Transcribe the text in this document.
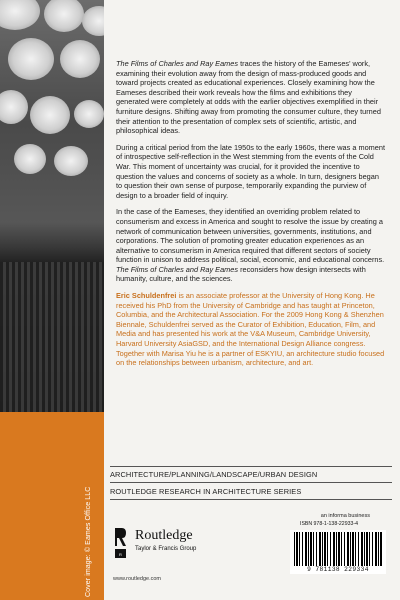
Cover image: © Eames Office LLC

The Films of Charles and Ray Eames traces the history of the Eameses' work, examining their evolution away from the design of mass-produced goods and toward projects created as educational experiences. Closely examining how the Eameses described their work reveals how the films and exhibitions they generated were completely at odds with the earlier objectives exemplified in their furniture designs. Shifting away from promoting the consumer culture, they turned their attention to the presentation of complex sets of scientific, artistic, and philosophical ideas.

During a critical period from the late 1950s to the early 1960s, there was a moment of introspective self-reflection in the West stemming from the events of the Cold War. This moment of uncertainty was crucial, for it provided the incentive to question the values and concerns of society as a whole. In turn, designers began to question their own sense of purpose, temporarily expanding the purview of design to a broader field of inquiry.

In the case of the Eameses, they identified an overriding problem related to consumerism and excess in America and sought to resolve the issue by creating a network of communication between universities, governments, institutions, and corporations. The solution of promoting greater education experiences as an alternative to consumerism in America required that different sectors of society function in unison to address political, social, economic, and educational concerns. The Films of Charles and Ray Eames reconsiders how design intersects with humanity, culture, and the sciences.

Eric Schuldenfrei is an associate professor at the University of Hong Kong. He received his PhD from the University of Cambridge and has taught at Princeton, Columbia, and the Architectural Association. For the 2009 Hong Kong & Shenzhen Biennale, Schuldenfrei served as the Curator of Exhibition, Education, Film, and Media and has presented his work at the V&A Museum, Cambridge University, Harvard University AsiaGSD, and the International Design Alliance congress. Together with Marisa Yiu he is a partner of ESKYIU, an architecture studio focused on the relationships between urbanism, architecture, and art.

ARCHITECTURE/PLANNING/LANDSCAPE/URBAN DESIGN
ROUTLEDGE RESEARCH IN ARCHITECTURE SERIES
an informa business
R
Routledge
Taylor & Francis Group
www.routledge.com
ISBN 978-1-138-22933-4
9 781138 229334
